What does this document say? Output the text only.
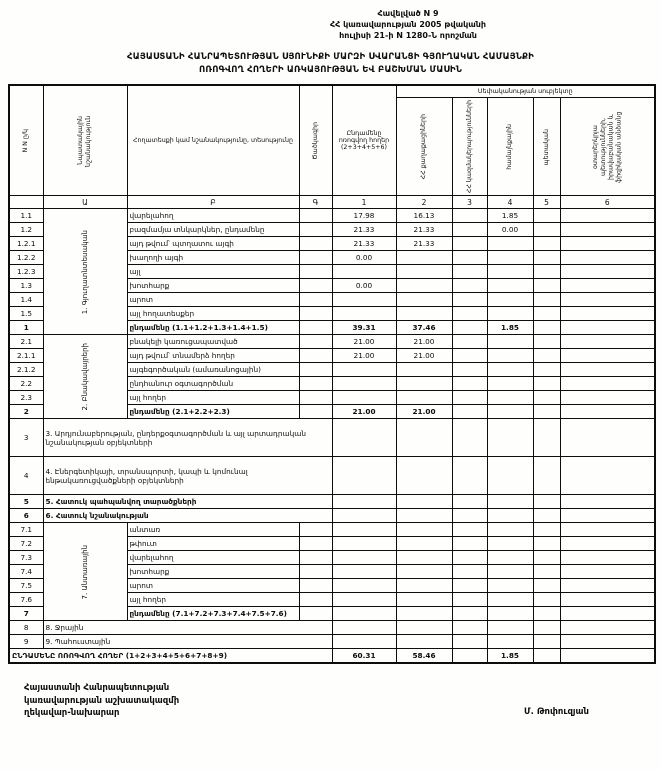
Հավելված N 9
ՀՀ կառավարության 2005 թվականի
հուլիսի 21-ի N 1280-Ն որոշման
ՀԱՅԱՍՏԱՆԻ ՀԱՆՐԱՊԵՏՈՒԹՅԱՆ ՍՅՈՒՆԻՔԻ ՄԱՐԶԻ ՍՎԱՐԱՆՑԻ ԳՅՈՒՂԱԿԱՆ ՀԱՄԱՅՆՔԻ
ՈՌՈԳՎՈՂ ՀՈՂԵՐԻ ԱՌԿԱՅՈՒԹՅԱՆ ԵՎ ԲԱՇԽՄԱՆ ՄԱՍԻՆ
N N ը/կ	Նպատակային նշանակություն	Հողատեսքի կամ նշանակությունը, տեսությունը	Ծածկագիր	Ընդամենը ոռոգվող հողեր (2+3+4+5+6)	Սեփականության սուբյեկտը				

					ՀՀ քաղաքացիների	ՀՀ կազմակերպությունների	համայնքային	պետական	օտարերկրյա պետությունների, իրավաբանական և ֆիզիկական անձանց

	Ա	Բ	Գ	1	2	3	4	5	6
1.1	1. Գյուղատնտեսական	վարելահող		17.98	16.13		1.85		
1.2		բազմամյա տնկարկներ, ընդամենը		21.33	21.33		0.00		
1.2.1		այդ թվում՝ պտղատու այգի		21.33	21.33				
1.2.2		խաղողի այգի		0.00					
1.2.3		այլ							
1.3		խոտհարք		0.00					
1.4		արոտ							
1.5		այլ հողատեսքեր							
1		ընդամենը (1.1+1.2+1.3+1.4+1.5)		39.31	37.46		1.85		
2.1	2. Բնակավայրերի	բնակելի կառուցապատված		21.00	21.00				
2.1.1		այդ թվում՝ տնամերձ հողեր		21.00	21.00				
2.1.2		այգեգործական (ամառանոցային)							
2.2		ընդհանուր օգտագործման							
2.3		այլ հողեր							
2		ընդամենը (2.1+2.2+2.3)		21.00	21.00				
3	3. Արդյունաբերության, ընդերքօգտագործման և այլ արտադրական նշանակության օբյեկտների								
4	4. Էներգետիկայի, տրանսպորտի, կապի և կոմունալ ենթակառուցվածքների օբյեկտների								
5	5. Հատուկ պահպանվող տարածքների								
6	6. Հատուկ նշանակության								
7.1	7. Անտառային	անտառ							
7.2		թփուտ							
7.3		վարելահող							
7.4		խոտհարք							
7.5		արոտ							
7.6		այլ հողեր							
7		ընդամենը (7.1+7.2+7.3+7.4+7.5+7.6)							
8	8. Ջրային								
9	9. Պահուստային								
ԸՆԴԱՄԵՆԸ ՈՌՈԳՎՈՂ ՀՈՂԵՐ (1+2+3+4+5+6+7+8+9)				60.31	58.46		1.85		
Հայաստանի Հանրապետության
կառավարության աշխատակազմի
ղեկավար-նախարար	Մ. Թոփուզյան
